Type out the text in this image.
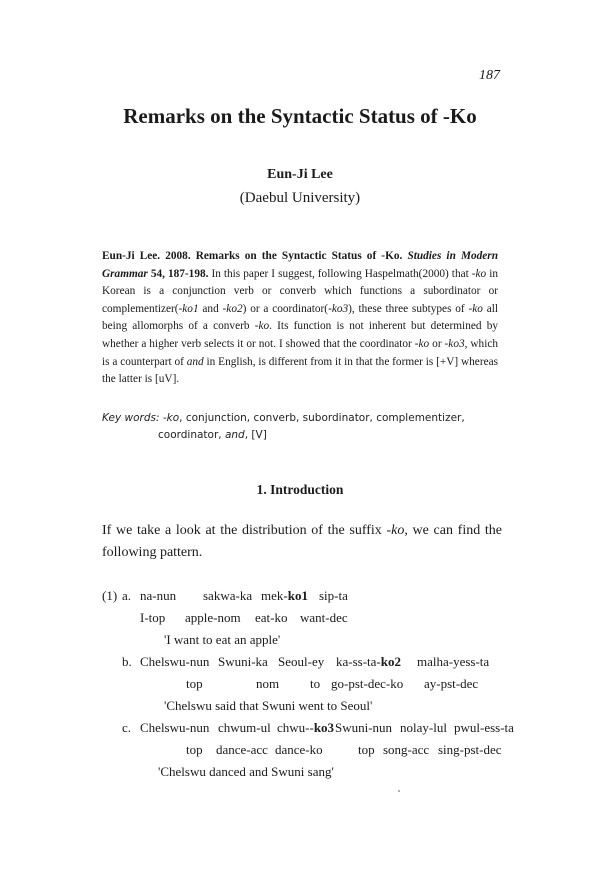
187
Remarks on the Syntactic Status of -Ko
Eun-Ji Lee
(Daebul University)
Eun-Ji Lee. 2008. Remarks on the Syntactic Status of -Ko. Studies in Modern Grammar 54, 187-198. In this paper I suggest, following Haspelmath(2000) that -ko in Korean is a conjunction verb or converb which functions a subordinator or complementizer(-ko1 and -ko2) or a coordinator(-ko3), these three subtypes of -ko all being allomorphs of a converb -ko. Its function is not inherent but determined by whether a higher verb selects it or not. I showed that the coordinator -ko or -ko3, which is a counterpart of and in English, is different from it in that the former is [+V] whereas the latter is [uV].
Key words: -ko, conjunction, converb, subordinator, complementizer,
coordinator, and, [V]
1. Introduction
If we take a look at the distribution of the suffix -ko, we can find the following pattern.
(1) a. na-nun sakwa-ka mek-ko1 sip-ta
I-top apple-nom eat-ko want-dec
'I want to eat an apple'
b. Chelswu-nun Swuni-ka Seoul-ey ka-ss-ta-ko2 malha-yess-ta
top	nom to go-pst-dec-ko ay-pst-dec
'Chelswu said that Swuni went to Seoul'
c. Chelswu-nun chwum-ul chwu--ko3 Swuni-nun nolay-lul pwul-ess-ta
top dance-acc dance-ko	top song-acc sing-pst-dec
'Chelswu danced and Swuni sang'
